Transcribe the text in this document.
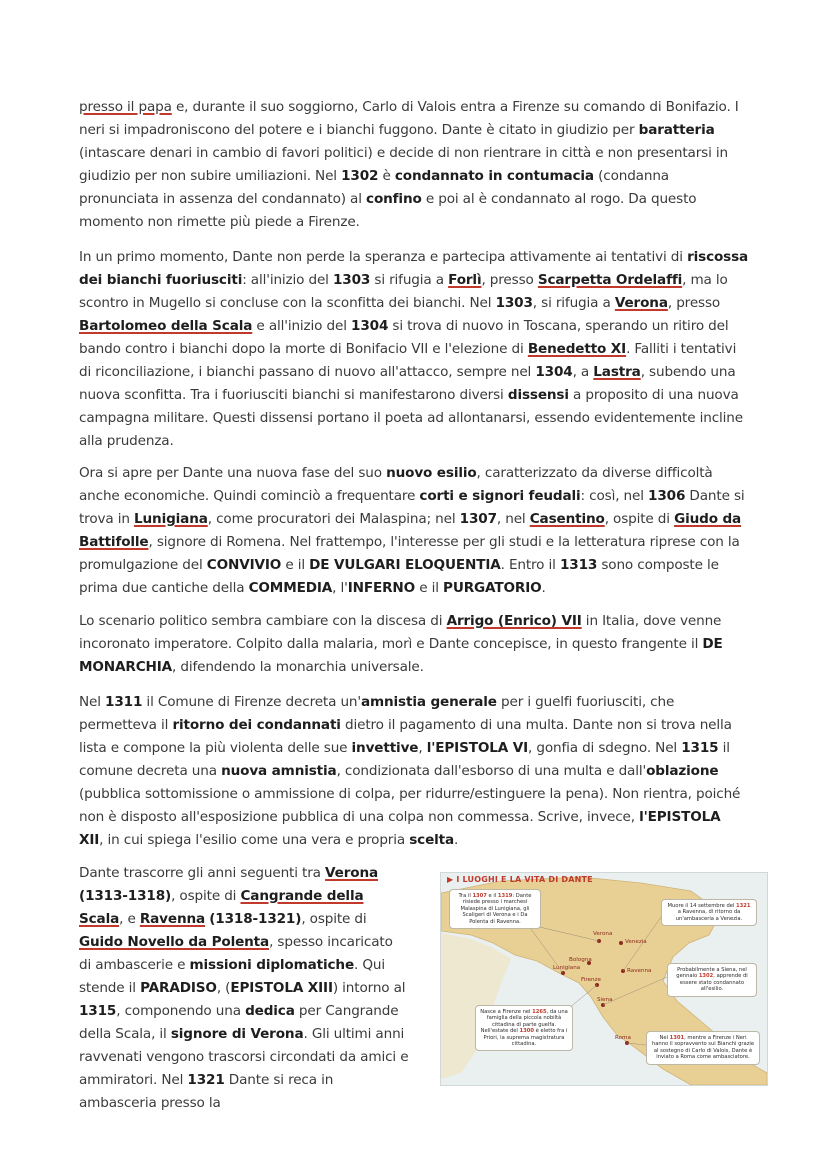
presso il papa e, durante il suo soggiorno, Carlo di Valois entra a Firenze su comando di Bonifazio. I neri si impadroniscono del potere e i bianchi fuggono. Dante è citato in giudizio per baratteria (intascare denari in cambio di favori politici) e decide di non rientrare in città e non presentarsi in giudizio per non subire umiliazioni. Nel 1302 è condannato in contumacia (condanna pronunciata in assenza del condannato) al confino e poi al è condannato al rogo. Da questo momento non rimette più piede a Firenze.

In un primo momento, Dante non perde la speranza e partecipa attivamente ai tentativi di riscossa dei bianchi fuoriusciti: all'inizio del 1303 si rifugia a Forlì, presso Scarpetta Ordelaffi, ma lo scontro in Mugello si concluse con la sconfitta dei bianchi. Nel 1303, si rifugia a Verona, presso Bartolomeo della Scala e all'inizio del 1304 si trova di nuovo in Toscana, sperando un ritiro del bando contro i bianchi dopo la morte di Bonifacio VII e l'elezione di Benedetto XI. Falliti i tentativi di riconciliazione, i bianchi passano di nuovo all'attacco, sempre nel 1304, a Lastra, subendo una nuova sconfitta. Tra i fuoriusciti bianchi si manifestarono diversi dissensi a proposito di una nuova campagna militare. Questi dissensi portano il poeta ad allontanarsi, essendo evidentemente incline alla prudenza.

Ora si apre per Dante una nuova fase del suo nuovo esilio, caratterizzato da diverse difficoltà anche economiche. Quindi cominciò a frequentare corti e signori feudali: così, nel 1306 Dante si trova in Lunigiana, come procuratori dei Malaspina; nel 1307, nel Casentino, ospite di Giudo da Battifolle, signore di Romena. Nel frattempo, l'interesse per gli studi e la letteratura riprese con la promulgazione del CONVIVIO e il DE VULGARI ELOQUENTIA. Entro il 1313 sono composte le prima due cantiche della COMMEDIA, l'INFERNO e il PURGATORIO.

Lo scenario politico sembra cambiare con la discesa di Arrigo (Enrico) VII in Italia, dove venne incoronato imperatore. Colpito dalla malaria, morì e Dante concepisce, in questo frangente il DE MONARCHIA, difendendo la monarchia universale.

Nel 1311 il Comune di Firenze decreta un'amnistia generale per i guelfi fuoriusciti, che permetteva il ritorno dei condannati dietro il pagamento di una multa. Dante non si trova nella lista e compone la più violenta delle sue invettive, l'EPISTOLA VI, gonfia di sdegno. Nel 1315 il comune decreta una nuova amnistia, condizionata dall'esborso di una multa e dall'oblazione (pubblica sottomissione o ammissione di colpa, per ridurre/estinguere la pena). Non rientra, poiché non è disposto all'esposizione pubblica di una colpa non commessa. Scrive, invece, l'EPISTOLA XII, in cui spiega l'esilio come una vera e propria scelta.

Dante trascorre gli anni seguenti tra Verona (1313-1318), ospite di Cangrande della Scala, e Ravenna (1318-1321), ospite di Guido Novello da Polenta, spesso incaricato di ambascerie e missioni diplomatiche. Qui stende il PARADISO, (EPISTOLA XIII) intorno al 1315, componendo una dedica per Cangrande della Scala, il signore di Verona. Gli ultimi anni ravvenati vengono trascorsi circondati da amici e ammiratori. Nel 1321 Dante si reca in ambasceria presso la

▶ I LUOGHI E LA VITA DI DANTE
Verona
Venezia
Bologna
Lunigiana	Ravenna
Firenze
Siena
Roma
Tra il 1307 e il 1319: Dante risiede presso i marchesi Malaspina di Lunigiana, gli Scaligeri di Verona e i Da Polenta di Ravenna.
Muore il 14 settembre del 1321 a Ravenna, di ritorno da un'ambasceria a Venezia.
Probabilmente a Siena, nel gennaio 1302, apprende di essere stato condannato all'esilio.
Nasce a Firenze nel 1265, da una famiglia della piccola nobiltà cittadina di parte guelfa. Nell'estate del 1300 è eletto fra i Priori, la suprema magistratura cittadina.
Nel 1301, mentre a Firenze i Neri hanno il sopravvento sui Bianchi grazie al sostegno di Carlo di Valois, Dante è inviato a Roma come ambasciatore.
